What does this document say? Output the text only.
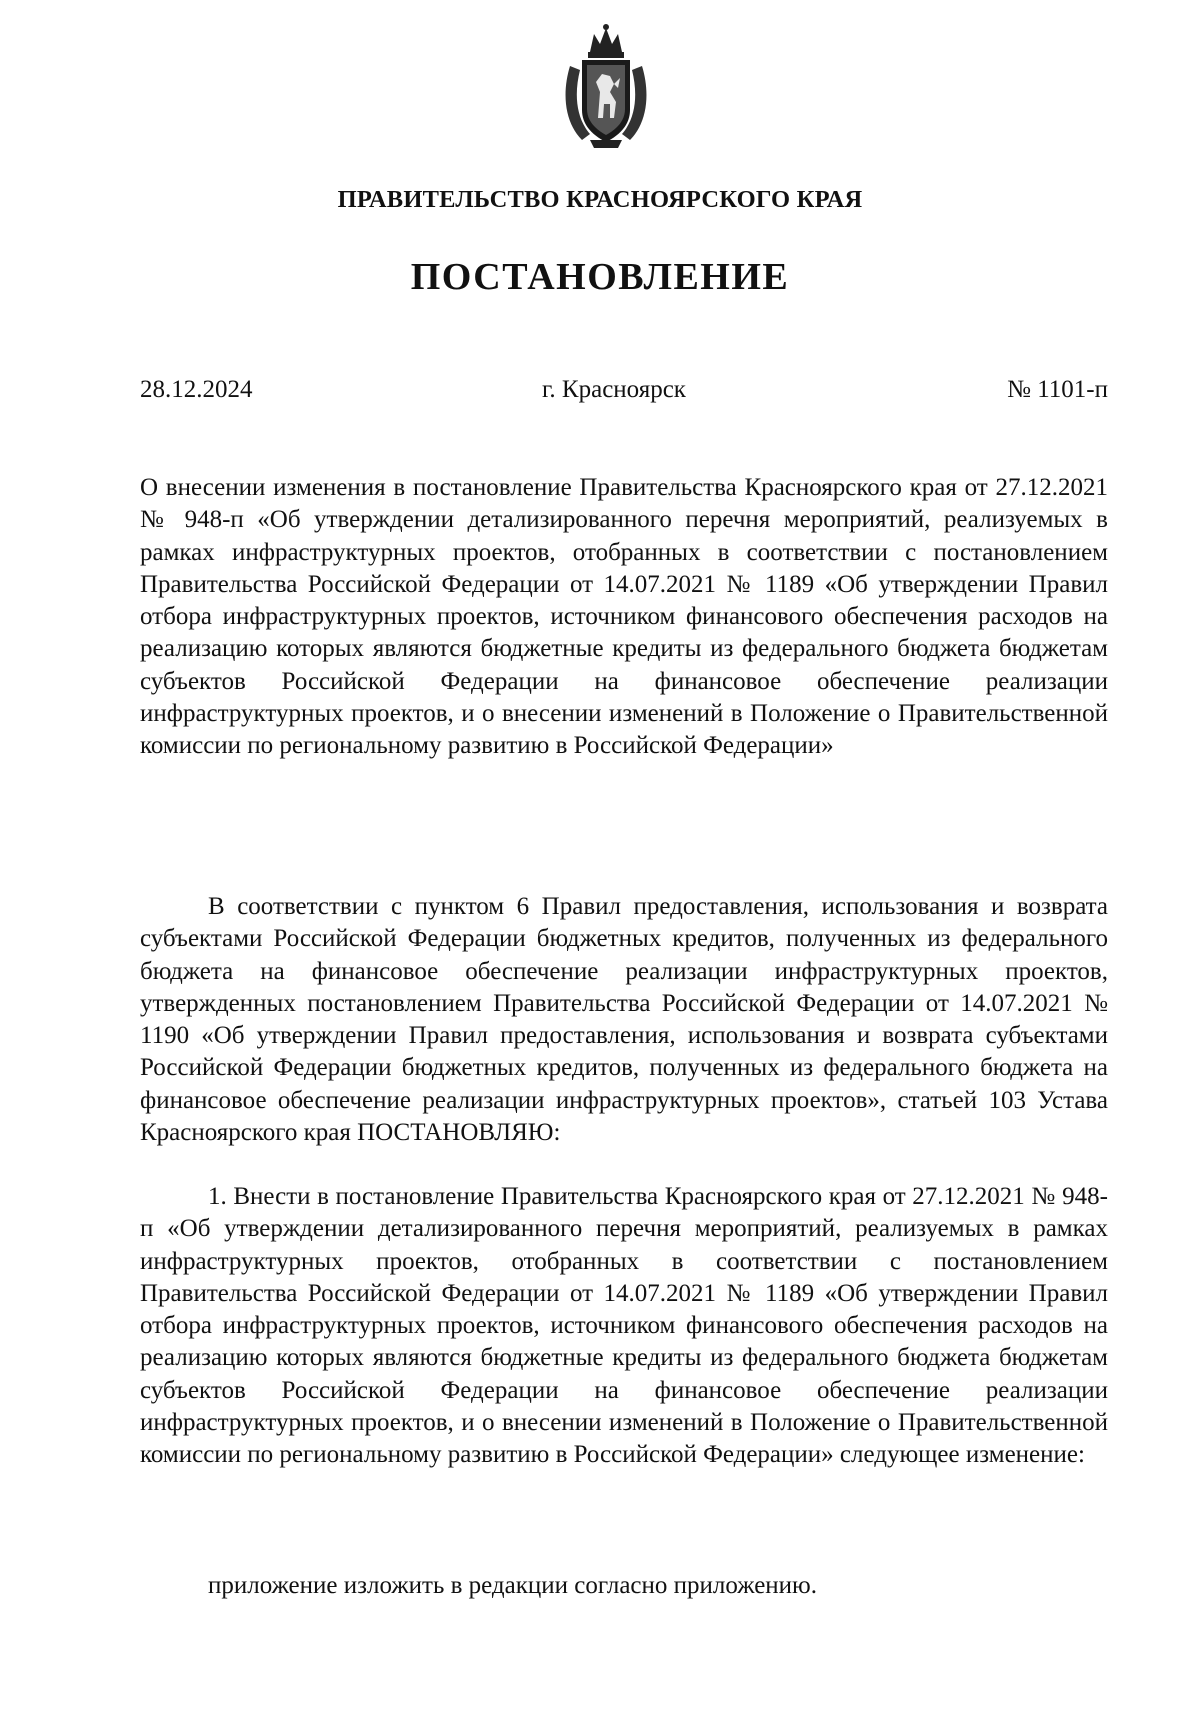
ПРАВИТЕЛЬСТВО КРАСНОЯРСКОГО КРАЯ
ПОСТАНОВЛЕНИЕ
28.12.2024	г. Красноярск	№ 1101-п

О внесении изменения в постановление Правительства Красноярского края от 27.12.2021 № 948-п «Об утверждении детализированного перечня мероприятий, реализуемых в рамках инфраструктурных проектов, отобранных в соответствии с постановлением Правительства Российской Федерации от 14.07.2021 № 1189 «Об утверждении Правил отбора инфраструктурных проектов, источником финансового обеспечения расходов на реализацию которых являются бюджетные кредиты из федерального бюджета бюджетам субъектов Российской Федерации на финансовое обеспечение реализации инфраструктурных проектов, и о внесении изменений в Положение о Правительственной комиссии по региональному развитию в Российской Федерации»

В соответствии с пунктом 6 Правил предоставления, использования и возврата субъектами Российской Федерации бюджетных кредитов, полученных из федерального бюджета на финансовое обеспечение реализации инфраструктурных проектов, утвержденных постановлением Правительства Российской Федерации от 14.07.2021 № 1190 «Об утверждении Правил предоставления, использования и возврата субъектами Российской Федерации бюджетных кредитов, полученных из федерального бюджета на финансовое обеспечение реализации инфраструктурных проектов», статьей 103 Устава Красноярского края ПОСТАНОВЛЯЮ:

1. Внести в постановление Правительства Красноярского края от 27.12.2021 № 948-п «Об утверждении детализированного перечня мероприятий, реализуемых в рамках инфраструктурных проектов, отобранных в соответствии с постановлением Правительства Российской Федерации от 14.07.2021 № 1189 «Об утверждении Правил отбора инфраструктурных проектов, источником финансового обеспечения расходов на реализацию которых являются бюджетные кредиты из федерального бюджета бюджетам субъектов Российской Федерации на финансовое обеспечение реализации инфраструктурных проектов, и о внесении изменений в Положение о Правительственной комиссии по региональному развитию в Российской Федерации» следующее изменение:

приложение изложить в редакции согласно приложению.
